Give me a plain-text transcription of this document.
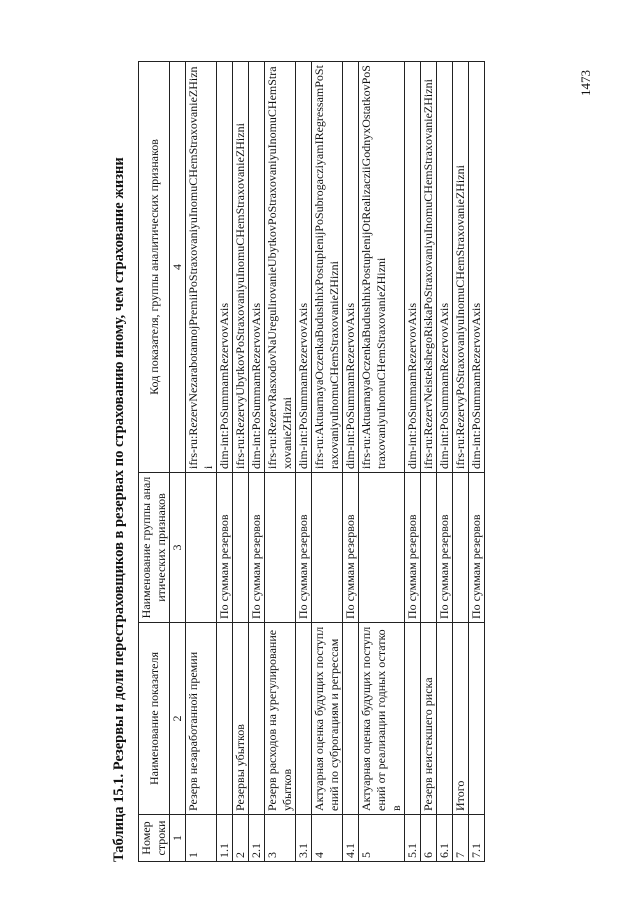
1473
Таблица 15.1. Резервы и доли перестраховщиков в резервах по страхованию иному, чем страхование жизни	Номер строки	Наименование показателя	Наименование группы аналитических признаков	Код показателя, группы аналитических признаков
1	2	3	4
1	Резерв незаработанной премии		ifrs-ru:RezervNezarabotannojPremiiPoStraxovaniyuInomuCHemStraxovanieZHizni
1.1		По суммам резервов	dim-int:PoSummamRezervovAxis
2	Резервы убытков		ifrs-ru:RezervyUbytkovPoStraxovaniyuInomuCHemStraxovanieZHizni
2.1		По суммам резервов	dim-int:PoSummamRezervovAxis
3	Резерв расходов на урегулирование убытков		ifrs-ru:RezervRasxodovNaUregulirovanieUbytkovPoStraxovaniyuInomuCHemStraxovanieZHizni
3.1		По суммам резервов	dim-int:PoSummamRezervovAxis
4	Актуарная оценка будущих поступлений по суброгациям и регрессам		ifrs-ru:AktuarnayaOczenkaBudushhixPostuplenijPoSubrogacziyamIRegressamPoStraxovaniyuInomuCHemStraxovanieZHizni
4.1		По суммам резервов	dim-int:PoSummamRezervovAxis
5	Актуарная оценка будущих поступлений от реализации годных остатков		ifrs-ru:AktuarnayaOczenkaBudushhixPostuplenijOtRealizacziiGodnyxOstatkovPoStraxovaniyuInomuCHemStraxovanieZHizni
5.1		По суммам резервов	dim-int:PoSummamRezervovAxis
6	Резерв неистекшего риска		ifrs-ru:RezervNeistekshegoRiskaPoStraxovaniyuInomuCHemStraxovanieZHizni
6.1		По суммам резервов	dim-int:PoSummamRezervovAxis
7	Итого		ifrs-ru:RezervyPoStraxovaniyuInomuCHemStraxovanieZHizni
7.1		По суммам резервов	dim-int:PoSummamRezervovAxis
